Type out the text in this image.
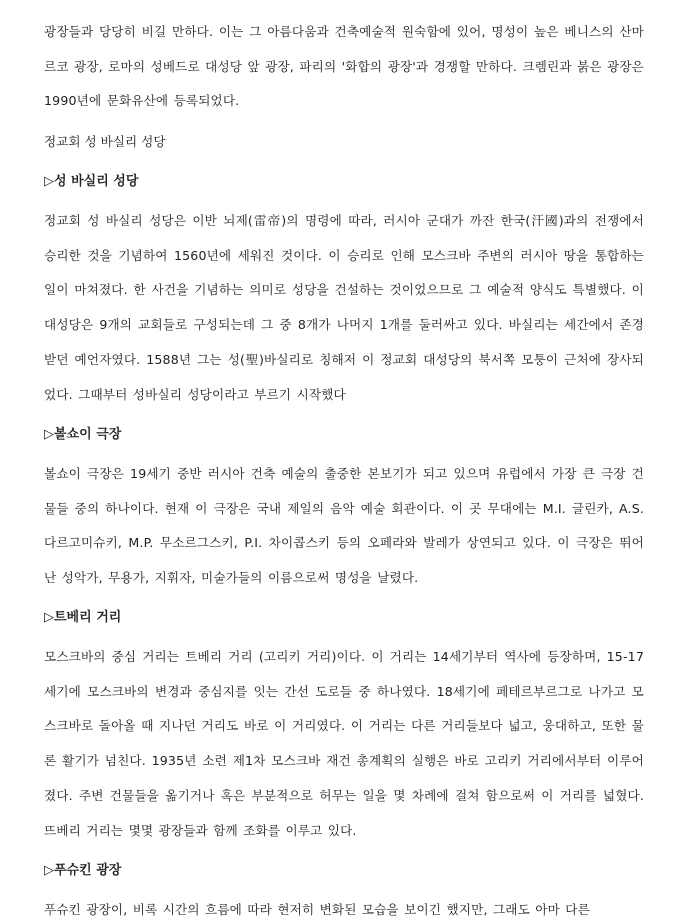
광장들과 당당히 비길 만하다. 이는 그 아름다움과 건축예술적 원숙함에 있어, 명성이 높은 베니스의 산마르코 광장, 로마의 성베드로 대성당 앞 광장, 파리의 '화합의 광장'과 경쟁할 만하다. 크렘린과 붉은 광장은 1990년에 문화유산에 등록되었다.

정교회 성 바실리 성당

▷성 바실리 성당

정교회 성 바실리 성당은 이반 뇌제(雷帝)의 명령에 따라, 러시아 군대가 까잔 한국(汗國)과의 전쟁에서 승리한 것을 기념하여 1560년에 세워진 것이다. 이 승리로 인해 모스크바 주변의 러시아 땅을 통합하는 일이 마쳐졌다. 한 사건을 기념하는 의미로 성당을 건설하는 것이었으므로 그 예술적 양식도 특별했다. 이 대성당은 9개의 교회들로 구성되는데 그 중 8개가 나머지 1개를 둘러싸고 있다. 바실리는 세간에서 존경받던 예언자였다. 1588년 그는 성(聖)바실리로 칭해저 이 정교회 대성당의 북서쪽 모퉁이 근처에 장사되었다. 그때부터 성바실리 성당이라고 부르기 시작했다

▷볼쇼이 극장

볼쇼이 극장은 19세기 중반 러시아 건축 예술의 출중한 본보기가 되고 있으며 유럽에서 가장 큰 극장 건물들 중의 하나이다. 현재 이 극장은 국내 제일의 음악 예술 회관이다. 이 곳 무대에는 M.I. 글린카, A.S. 다르고미슈키, M.P. 무소르그스키, P.I. 차이콥스키 등의 오페라와 발레가 상연되고 있다. 이 극장은 뛰어난 성악가, 무용가, 지휘자, 미술가들의 이름으로써 명성을 날렸다.

▷트베리 거리

모스크바의 중심 거리는 트베리 거리 (고리키 거리)이다. 이 거리는 14세기부터 역사에 등장하며, 15-17세기에 모스크바의 변경과 중심지를 잇는 간선 도로들 중 하나였다. 18세기에 페테르부르그로 나가고 모스크바로 돌아올 때 지나던 거리도 바로 이 거리였다. 이 거리는 다른 거리들보다 넓고, 웅대하고, 또한 물론 활기가 넘친다. 1935년 소련 제1차 모스크바 재건 총계획의 실행은 바로 고리키 거리에서부터 이루어졌다. 주변 건물들을 옮기거나 혹은 부분적으로 허무는 일을 몇 차례에 걸쳐 함으로써 이 거리를 넓혔다. 뜨베리 거리는 몇몇 광장들과 함께 조화를 이루고 있다.

▷푸슈킨 광장

푸슈킨 광장이, 비록 시간의 흐름에 따라 현저히 변화된 모습을 보이긴 했지만, 그래도 아마 다른
